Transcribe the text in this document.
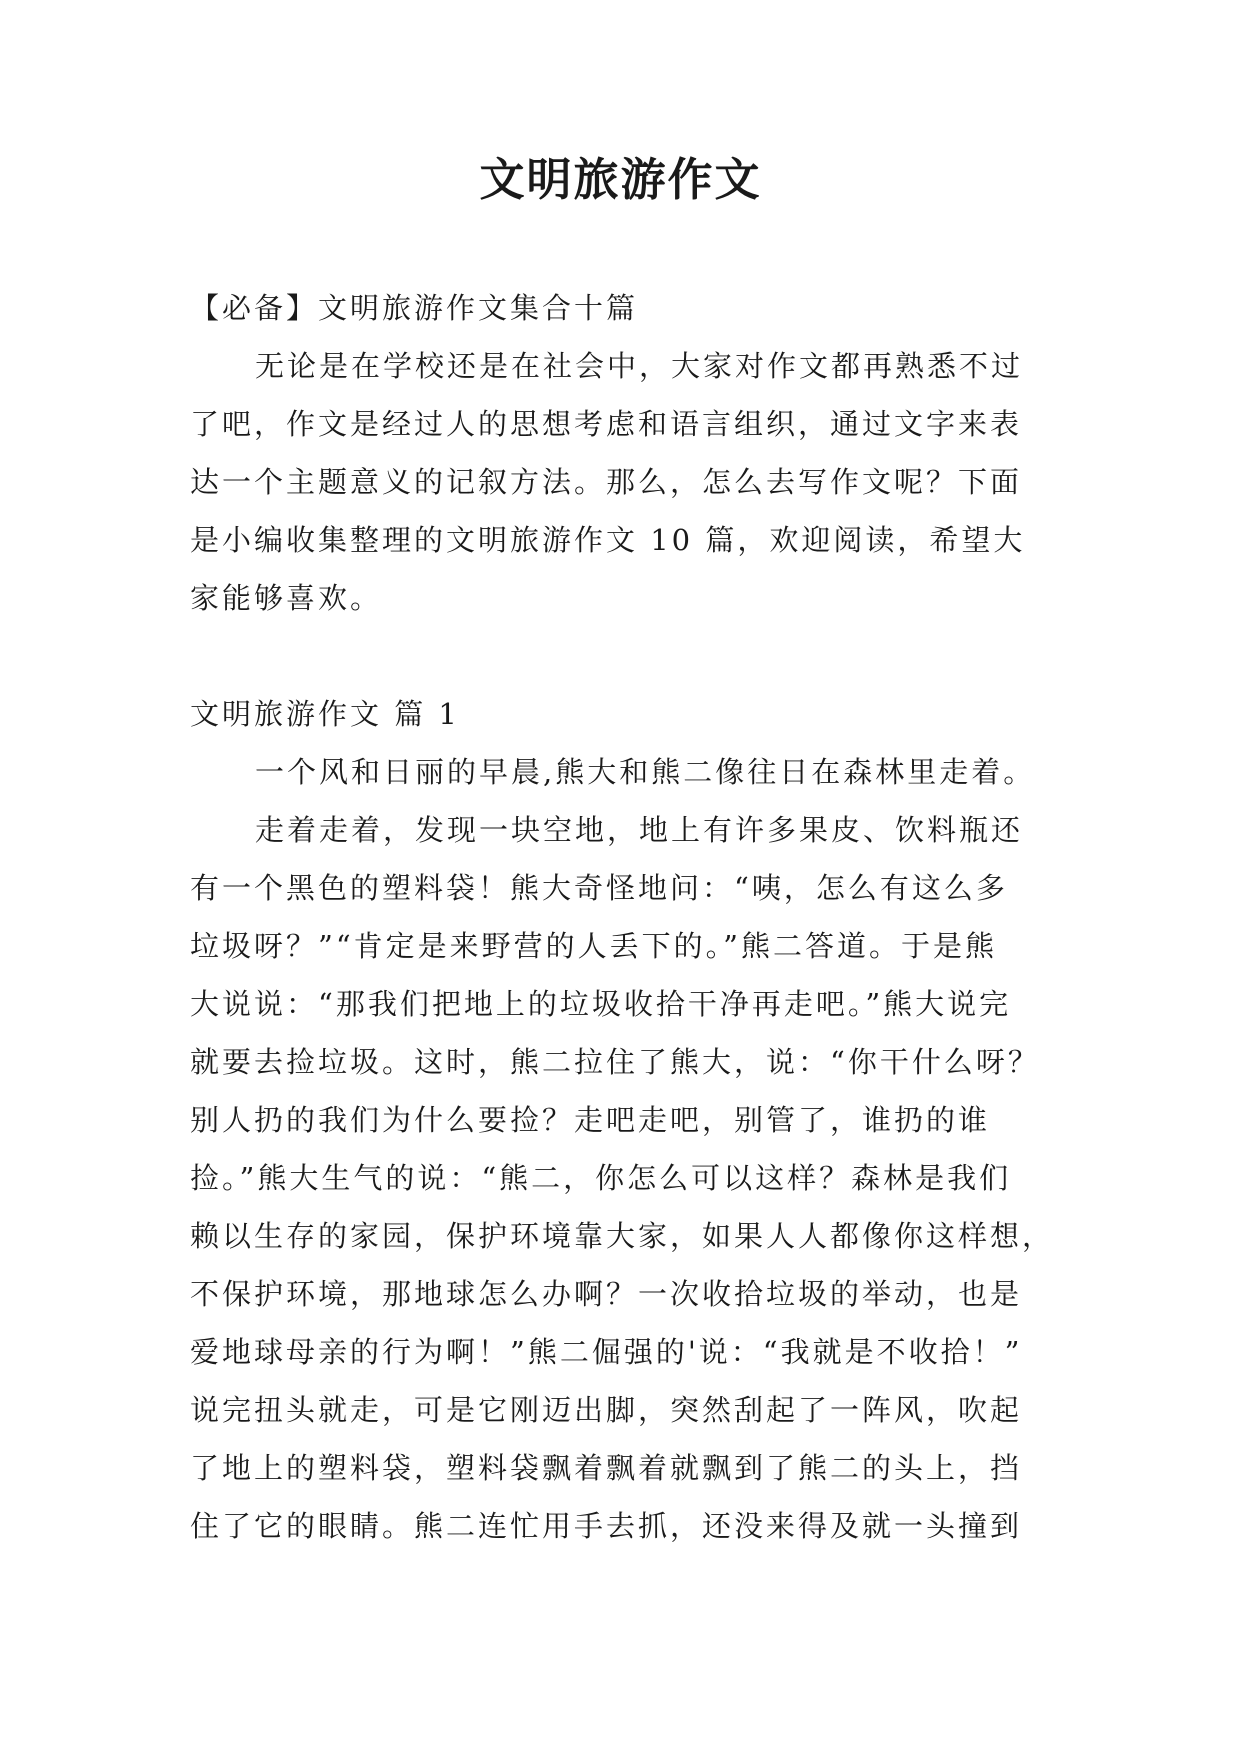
文明旅游作文
【必备】文明旅游作文集合十篇
无论是在学校还是在社会中，大家对作文都再熟悉不过
了吧，作文是经过人的思想考虑和语言组织，通过文字来表
达一个主题意义的记叙方法。那么，怎么去写作文呢？下面
是小编收集整理的文明旅游作文 10 篇，欢迎阅读，希望大
家能够喜欢。
文明旅游作文 篇 1
一个风和日丽的早晨,熊大和熊二像往日在森林里走着。
走着走着，发现一块空地，地上有许多果皮、饮料瓶还
有一个黑色的塑料袋！熊大奇怪地问：“咦，怎么有这么多
垃圾呀？”“肯定是来野营的人丢下的。”熊二答道。于是熊
大说说：“那我们把地上的垃圾收拾干净再走吧。”熊大说完
就要去捡垃圾。这时，熊二拉住了熊大，说：“你干什么呀？
别人扔的我们为什么要捡？走吧走吧，别管了，谁扔的谁
捡。”熊大生气的说：“熊二，你怎么可以这样？森林是我们
赖以生存的家园，保护环境靠大家，如果人人都像你这样想，
不保护环境，那地球怎么办啊？一次收拾垃圾的举动，也是
爱地球母亲的行为啊！”熊二倔强的'说：“我就是不收拾！”
说完扭头就走，可是它刚迈出脚，突然刮起了一阵风，吹起
了地上的塑料袋，塑料袋飘着飘着就飘到了熊二的头上，挡
住了它的眼睛。熊二连忙用手去抓，还没来得及就一头撞到
